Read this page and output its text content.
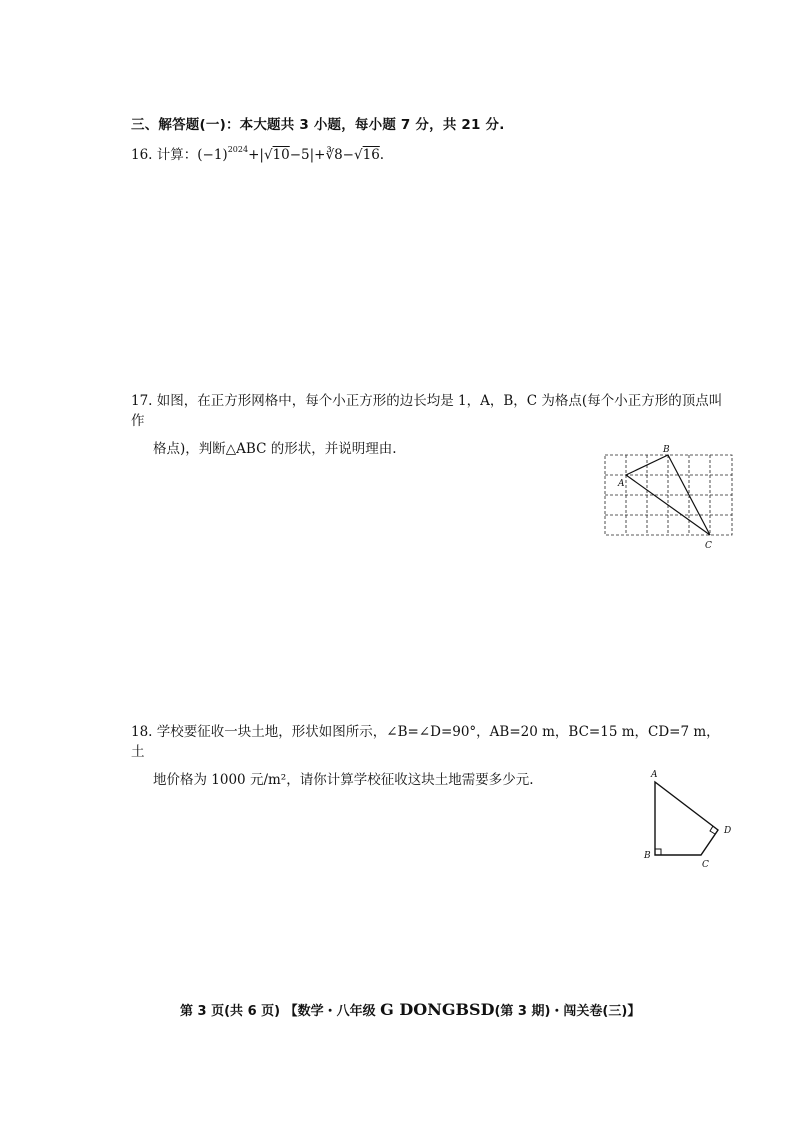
三、解答题(一)：本大题共 3 小题，每小题 7 分，共 21 分.
16. 计算：$(-1)^{2024}+|√10-5|+∛8-√16$.
17. 如图，在正方形网格中，每个小正方形的边长均是 1，A，B，C 为格点(每个小正方形的顶点叫作
格点)，判断△ABC 的形状，并说明理由.	B
A
C
18. 学校要征收一块土地，形状如图所示，∠B=∠D=90°，AB=20 m，BC=15 m，CD=7 m，土
地价格为 1000 元/m²，请你计算学校征收这块土地需要多少元.	A
B
C
D
第 3 页(共 6 页) 【数学・八年级 G DONGBSD(第 3 期)・闯关卷(三)】
